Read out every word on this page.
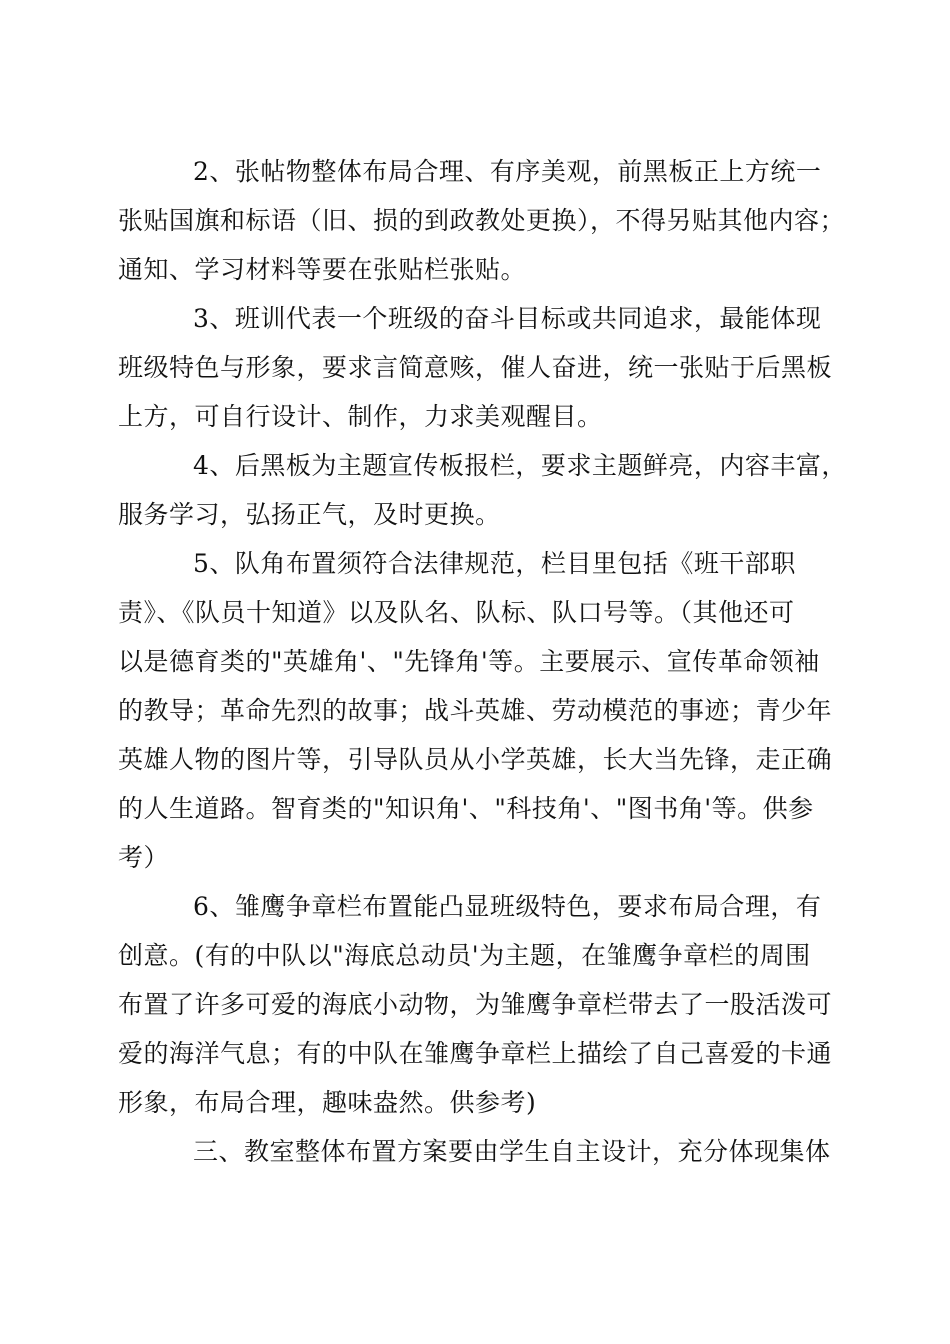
2、张帖物整体布局合理、有序美观，前黑板正上方统一
张贴国旗和标语（旧、损的到政教处更换），不得另贴其他内容；
通知、学习材料等要在张贴栏张贴。
3、班训代表一个班级的奋斗目标或共同追求，最能体现
班级特色与形象，要求言简意赅，催人奋进，统一张贴于后黑板
上方，可自行设计、制作，力求美观醒目。
4、后黑板为主题宣传板报栏，要求主题鲜亮，内容丰富，
服务学习，弘扬正气，及时更换。
5、队角布置须符合法律规范，栏目里包括《班干部职
责》、《队员十知道》以及队名、队标、队口号等。（其他还可
以是德育类的"英雄角'、"先锋角'等。主要展示、宣传革命领袖
的教导；革命先烈的故事；战斗英雄、劳动模范的事迹；青少年
英雄人物的图片等，引导队员从小学英雄，长大当先锋，走正确
的人生道路。智育类的"知识角'、"科技角'、"图书角'等。供参
考）
6、雏鹰争章栏布置能凸显班级特色，要求布局合理，有
创意。(有的中队以"海底总动员'为主题，在雏鹰争章栏的周围
布置了许多可爱的海底小动物，为雏鹰争章栏带去了一股活泼可
爱的海洋气息；有的中队在雏鹰争章栏上描绘了自己喜爱的卡通
形象，布局合理，趣味盎然。供参考)
三、教室整体布置方案要由学生自主设计，充分体现集体
